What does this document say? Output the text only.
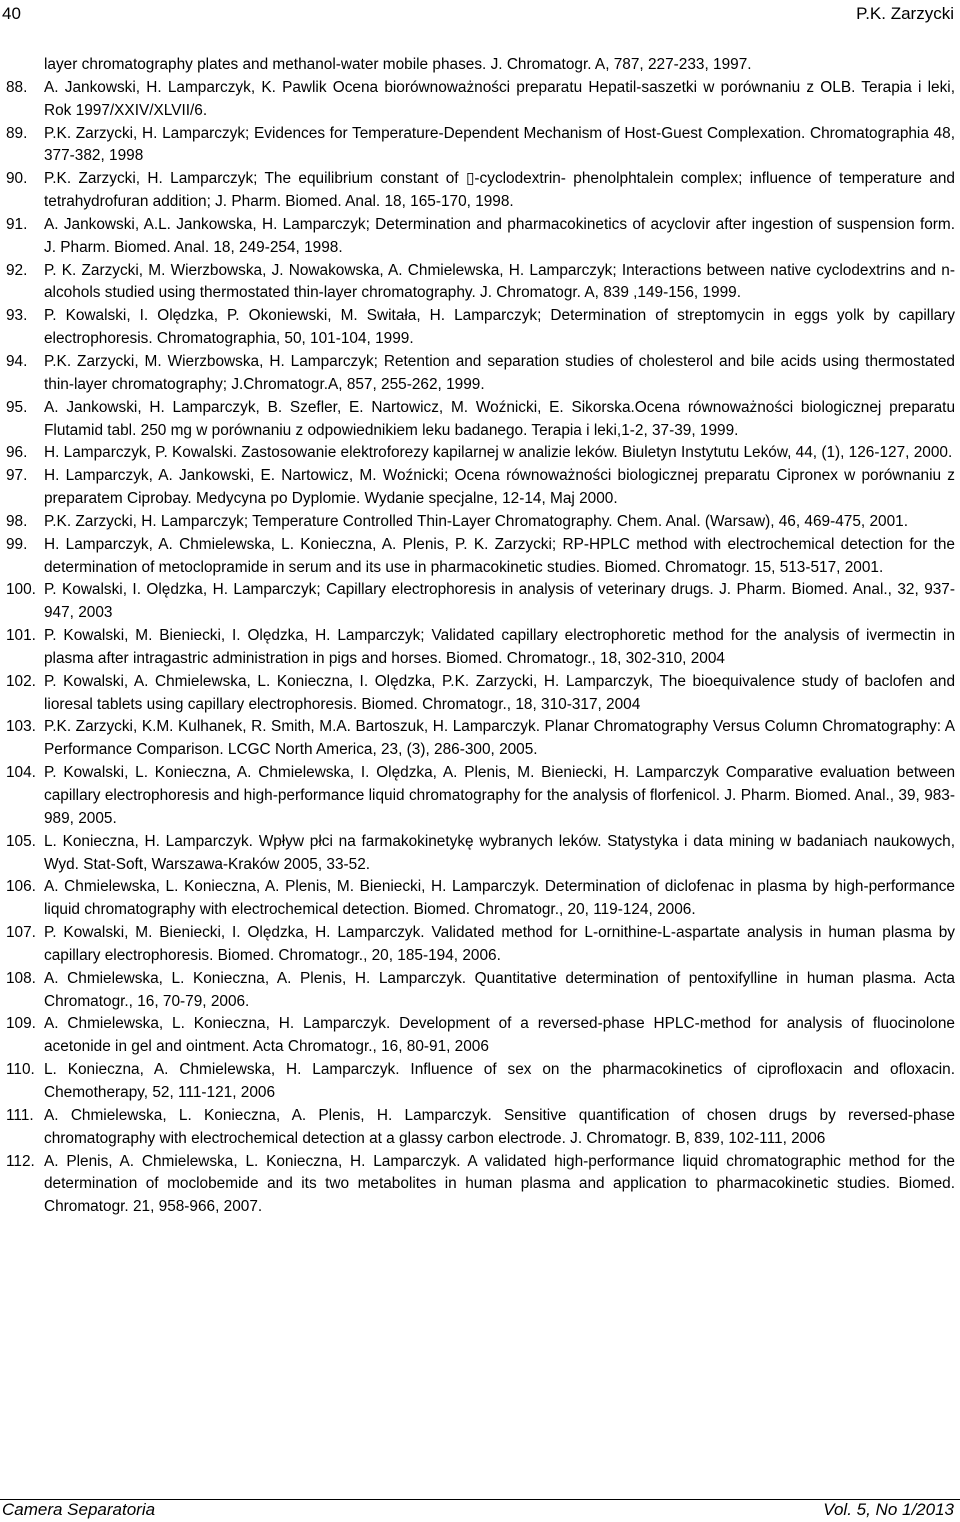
40	P.K. Zarzycki
layer chromatography plates and methanol-water mobile phases. J. Chromatogr. A, 787, 227-233, 1997.
88. A. Jankowski, H. Lamparczyk, K. Pawlik Ocena biorównoważności preparatu Hepatil-saszetki w porównaniu z OLB. Terapia i leki, Rok 1997/XXIV/XLVII/6.
89. P.K. Zarzycki, H. Lamparczyk; Evidences for Temperature-Dependent Mechanism of Host-Guest Complexation. Chromatographia 48, 377-382, 1998
90. P.K. Zarzycki, H. Lamparczyk; The equilibrium constant of ▯-cyclodextrin- phenolphtalein complex; influence of temperature and tetrahydrofuran addition; J. Pharm. Biomed. Anal. 18, 165-170, 1998.
91. A. Jankowski, A.L. Jankowska, H. Lamparczyk; Determination and pharmacokinetics of acyclovir after ingestion of suspension form. J. Pharm. Biomed. Anal. 18, 249-254, 1998.
92. P. K. Zarzycki, M. Wierzbowska, J. Nowakowska, A. Chmielewska, H. Lamparczyk; Interactions between native cyclodextrins and n-alcohols studied using thermostated thin-layer chromatography. J. Chromatogr. A, 839 ,149-156, 1999.
93. P. Kowalski, I. Olędzka, P. Okoniewski, M. Switała, H. Lamparczyk; Determination of streptomycin in eggs yolk by capillary electrophoresis. Chromatographia, 50, 101-104, 1999.
94. P.K. Zarzycki, M. Wierzbowska, H. Lamparczyk; Retention and separation studies of cholesterol and bile acids using thermostated thin-layer chromatography; J.Chromatogr.A, 857, 255-262, 1999.
95. A. Jankowski, H. Lamparczyk, B. Szefler, E. Nartowicz, M. Woźnicki, E. Sikorska.Ocena równoważności biologicznej preparatu Flutamid tabl. 250 mg w porównaniu z odpowiednikiem leku badanego. Terapia i leki,1-2, 37-39, 1999.
96. H. Lamparczyk, P. Kowalski. Zastosowanie elektroforezy kapilarnej w analizie leków. Biuletyn Instytutu Leków, 44, (1), 126-127, 2000.
97. H. Lamparczyk, A. Jankowski, E. Nartowicz, M. Woźnicki; Ocena równoważności biologicznej preparatu Cipronex w porównaniu z preparatem Ciprobay. Medycyna po Dyplomie. Wydanie specjalne, 12-14, Maj 2000.
98. P.K. Zarzycki, H. Lamparczyk; Temperature Controlled Thin-Layer Chromatography. Chem. Anal. (Warsaw), 46, 469-475, 2001.
99. H. Lamparczyk, A. Chmielewska, L. Konieczna, A. Plenis, P. K. Zarzycki; RP-HPLC method with electrochemical detection for the determination of metoclopramide in serum and its use in pharmacokinetic studies. Biomed. Chromatogr. 15, 513-517, 2001.
100. P. Kowalski, I. Olędzka, H. Lamparczyk; Capillary electrophoresis in analysis of veterinary drugs. J. Pharm. Biomed. Anal., 32, 937-947, 2003
101. P. Kowalski, M. Bieniecki, I. Olędzka, H. Lamparczyk; Validated capillary electrophoretic method for the analysis of ivermectin in plasma after intragastric administration in pigs and horses. Biomed. Chromatogr., 18, 302-310, 2004
102. P. Kowalski, A. Chmielewska, L. Konieczna, I. Olędzka, P.K. Zarzycki, H. Lamparczyk, The bioequivalence study of baclofen and lioresal tablets using capillary electrophoresis. Biomed. Chromatogr., 18, 310-317, 2004
103. P.K. Zarzycki, K.M. Kulhanek, R. Smith, M.A. Bartoszuk, H. Lamparczyk. Planar Chromatography Versus Column Chromatography: A Performance Comparison. LCGC North America, 23, (3), 286-300, 2005.
104. P. Kowalski, L. Konieczna, A. Chmielewska, I. Olędzka, A. Plenis, M. Bieniecki, H. Lamparczyk Comparative evaluation between capillary electrophoresis and high-performance liquid chromatography for the analysis of florfenicol. J. Pharm. Biomed. Anal., 39, 983-989, 2005.
105. L. Konieczna, H. Lamparczyk. Wpływ płci na farmakokinetykę wybranych leków. Statystyka i data mining w badaniach naukowych, Wyd. Stat-Soft, Warszawa-Kraków 2005, 33-52.
106. A. Chmielewska, L. Konieczna, A. Plenis, M. Bieniecki, H. Lamparczyk. Determination of diclofenac in plasma by high-performance liquid chromatography with electrochemical detection. Biomed. Chromatogr., 20, 119-124, 2006.
107. P. Kowalski, M. Bieniecki, I. Olędzka, H. Lamparczyk. Validated method for L-ornithine-L-aspartate analysis in human plasma by capillary electrophoresis. Biomed. Chromatogr., 20, 185-194, 2006.
108. A. Chmielewska, L. Konieczna, A. Plenis, H. Lamparczyk. Quantitative determination of pentoxifylline in human plasma. Acta Chromatogr., 16, 70-79, 2006.
109. A. Chmielewska, L. Konieczna, H. Lamparczyk. Development of a reversed-phase HPLC-method for analysis of fluocinolone acetonide in gel and ointment. Acta Chromatogr., 16, 80-91, 2006
110. L. Konieczna, A. Chmielewska, H. Lamparczyk. Influence of sex on the pharmacokinetics of ciprofloxacin and ofloxacin. Chemotherapy, 52, 111-121, 2006
111. A. Chmielewska, L. Konieczna, A. Plenis, H. Lamparczyk. Sensitive quantification of chosen drugs by reversed-phase chromatography with electrochemical detection at a glassy carbon electrode. J. Chromatogr. B, 839, 102-111, 2006
112. A. Plenis, A. Chmielewska, L. Konieczna, H. Lamparczyk. A validated high-performance liquid chromatographic method for the determination of moclobemide and its two metabolites in human plasma and application to pharmacokinetic studies. Biomed. Chromatogr. 21, 958-966, 2007.
Camera Separatoria	Vol. 5, No 1/2013
